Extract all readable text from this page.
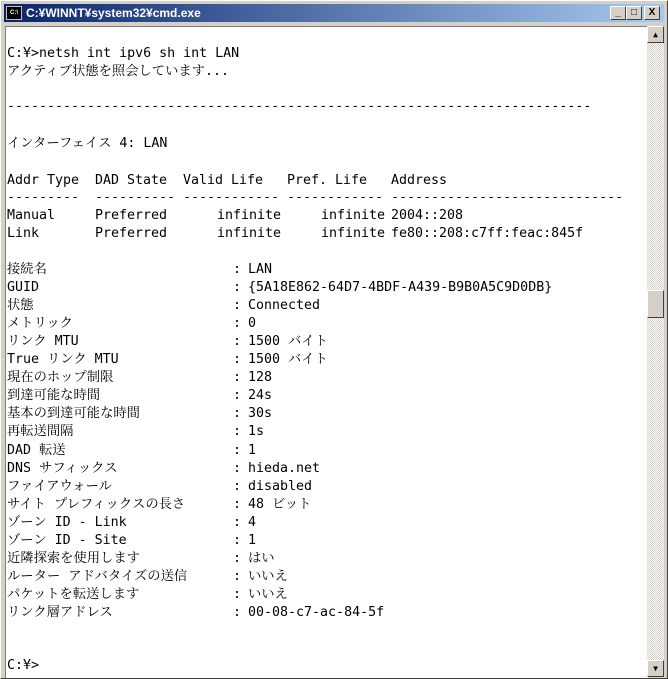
C:\ C:¥WINNT¥system32¥cmd.exe	_	□	X
C:¥>netsh int ipv6 sh int LAN
アクティブ状態を照会しています...
-------------------------------------------------------------------------
インターフェイス 4: LAN
Addr Type DAD State Valid Life Pref. Life Address
--------- ---------- ------------ ------------ -----------------------------
Manual	Preferred	infinite	infinite 2004::208
Link	Preferred	infinite	infinite fe80::208:c7ff:feac:845f
接続名	: LAN
GUID	: {5A18E862-64D7-4BDF-A439-B9B0A5C9D0DB}
状態	: Connected
メトリック	: 0
リンク MTU	: 1500 バイト
True リンク MTU	: 1500 バイト
現在のホップ制限	: 128
到達可能な時間	: 24s
基本の到達可能な時間	: 30s
再転送間隔	: 1s
DAD 転送	: 1
DNS サフィックス	: hieda.net
ファイアウォール	: disabled
サイト プレフィックスの長さ	: 48 ビット
ゾーン ID - Link	: 4
ゾーン ID - Site	: 1
近隣探索を使用します	: はい
ルーター アドバタイズの送信	: いいえ
パケットを転送します	: いいえ
リンク層アドレス	: 00-08-c7-ac-84-5f
C:¥>
▲
▼
